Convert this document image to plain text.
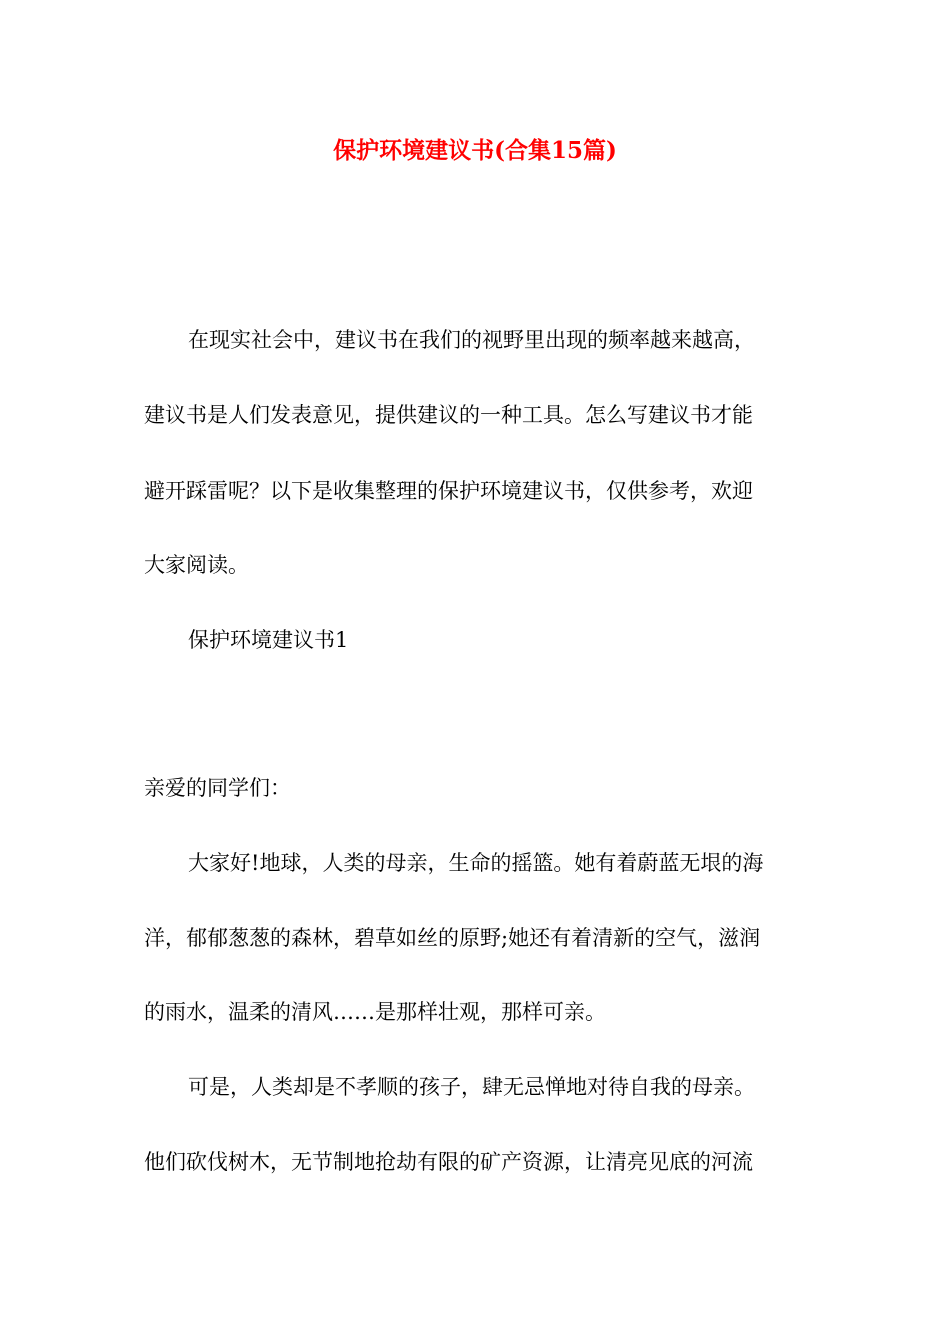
保护环境建议书(合集15篇)
在现实社会中，建议书在我们的视野里出现的频率越来越高，
建议书是人们发表意见，提供建议的一种工具。怎么写建议书才能
避开踩雷呢？以下是收集整理的保护环境建议书，仅供参考，欢迎
大家阅读。
保护环境建议书1
亲爱的同学们：
大家好!地球，人类的母亲，生命的摇篮。她有着蔚蓝无垠的海
洋，郁郁葱葱的森林，碧草如丝的原野;她还有着清新的空气，滋润
的雨水，温柔的清风……是那样壮观，那样可亲。
可是，人类却是不孝顺的孩子，肆无忌惮地对待自我的母亲。
他们砍伐树木，无节制地抢劫有限的矿产资源，让清亮见底的河流
